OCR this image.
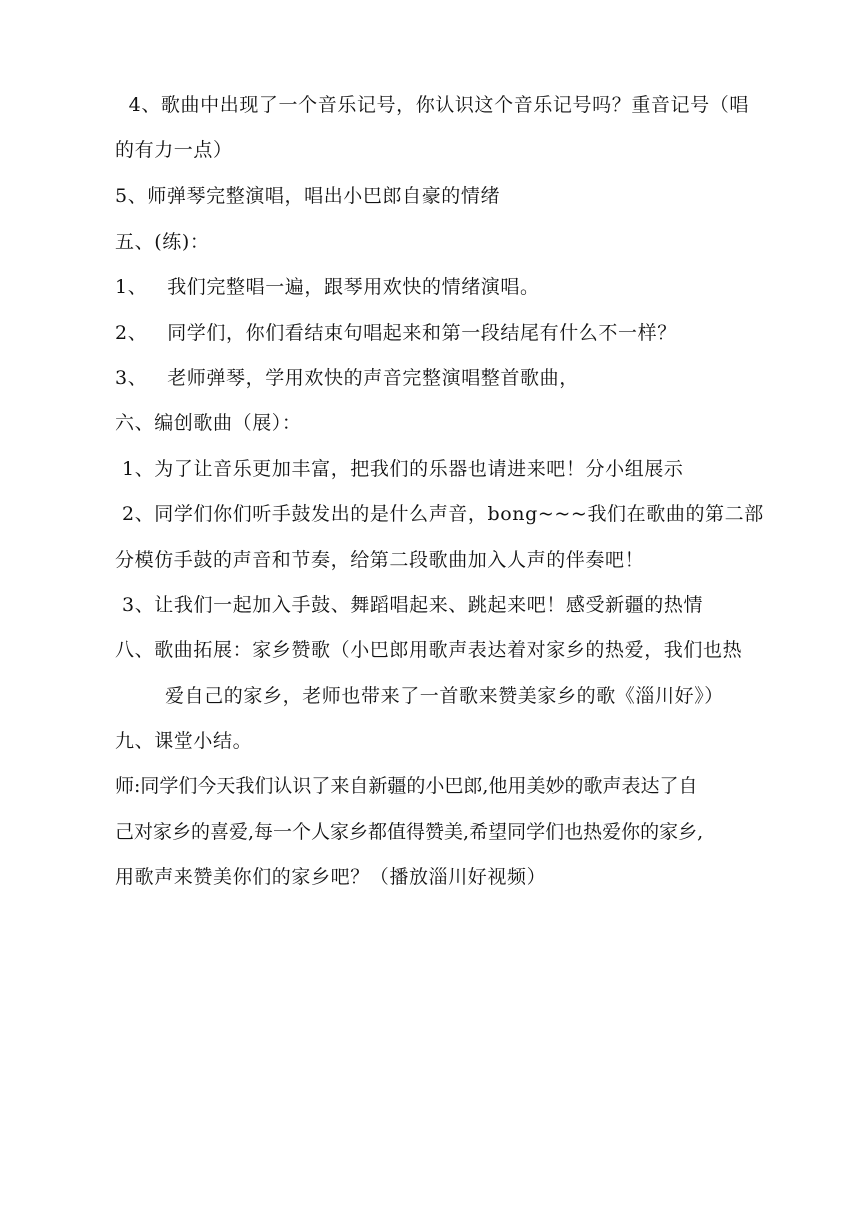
4、歌曲中出现了一个音乐记号，你认识这个音乐记号吗？重音记号（唱
的有力一点）
5、师弹琴完整演唱，唱出小巴郎自豪的情绪
五、(练)：
1、   我们完整唱一遍，跟琴用欢快的情绪演唱。
2、   同学们，你们看结束句唱起来和第一段结尾有什么不一样？
3、   老师弹琴，学用欢快的声音完整演唱整首歌曲，
六、编创歌曲（展）：
1、为了让音乐更加丰富，把我们的乐器也请进来吧！分小组展示
2、同学们你们听手鼓发出的是什么声音，bong~~~我们在歌曲的第二部
分模仿手鼓的声音和节奏，给第二段歌曲加入人声的伴奏吧！
3、让我们一起加入手鼓、舞蹈唱起来、跳起来吧！感受新疆的热情
八、歌曲拓展：家乡赞歌（小巴郎用歌声表达着对家乡的热爱，我们也热
爱自己的家乡，老师也带来了一首歌来赞美家乡的歌《淄川好》）
九、课堂小结。
师:同学们今天我们认识了来自新疆的小巴郎,他用美妙的歌声表达了自
己对家乡的喜爱,每一个人家乡都值得赞美,希望同学们也热爱你的家乡,
用歌声来赞美你们的家乡吧？（播放淄川好视频）
